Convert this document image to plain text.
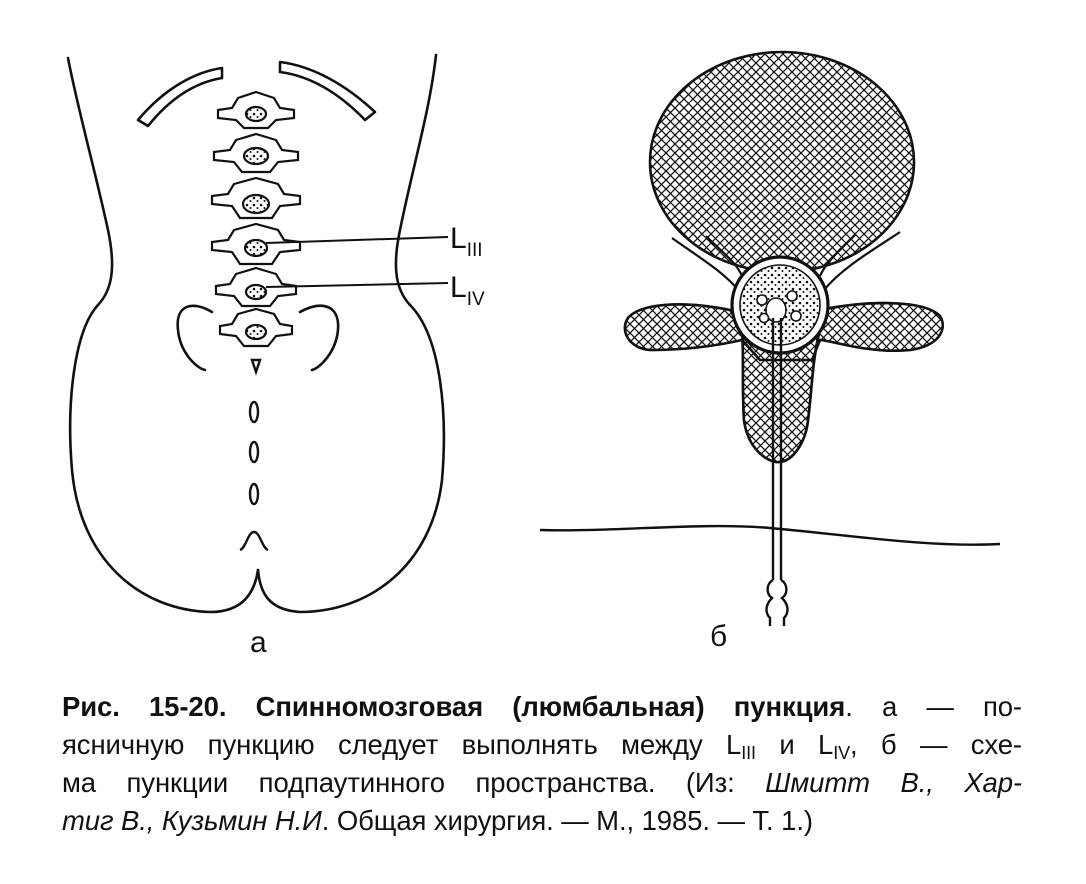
$L_{III}$
$L_{IV}$
а	б
Рис. 15-20. Спинномозговая (люмбальная) пункция. а — по-
ясничную пункцию следует выполнять между $L_{III}$ и $L_{IV}$, б — схе-
ма пункции подпаутинного пространства. (Из: Шмитт В., Хар-
тиг В., Кузьмин Н.И. Общая хирургия. — М., 1985. — Т. 1.)
